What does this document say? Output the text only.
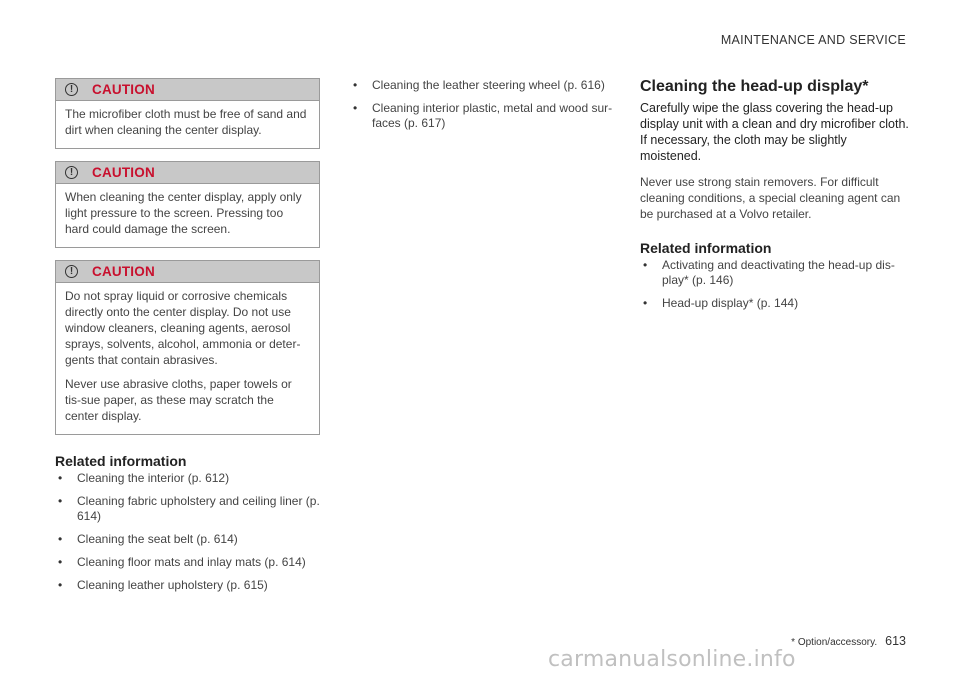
MAINTENANCE AND SERVICE
!	CAUTION

The microfiber cloth must be free of sand and dirt when cleaning the center display.

!	CAUTION

When cleaning the center display, apply only light pressure to the screen. Pressing too hard could damage the screen.

!	CAUTION

Do not spray liquid or corrosive chemicals directly onto the center display. Do not use window cleaners, cleaning agents, aerosol sprays, solvents, alcohol, ammonia or deter-gents that contain abrasives.

Never use abrasive cloths, paper towels or tis-sue paper, as these may scratch the center display.

Related information
• Cleaning the interior (p. 612)
• Cleaning fabric upholstery and ceiling liner (p. 614)
• Cleaning the seat belt (p. 614)
• Cleaning floor mats and inlay mats (p. 614)
• Cleaning leather upholstery (p. 615)
• Cleaning the leather steering wheel (p. 616)
• Cleaning interior plastic, metal and wood sur-faces (p. 617)
Cleaning the head-up display*

Carefully wipe the glass covering the head-up display unit with a clean and dry microfiber cloth. If necessary, the cloth may be slightly moistened.

Never use strong stain removers. For difficult cleaning conditions, a special cleaning agent can be purchased at a Volvo retailer.

Related information
• Activating and deactivating the head-up dis-play* (p. 146)
• Head-up display* (p. 144)
* Option/accessory. 613
carmanualsonline.info
